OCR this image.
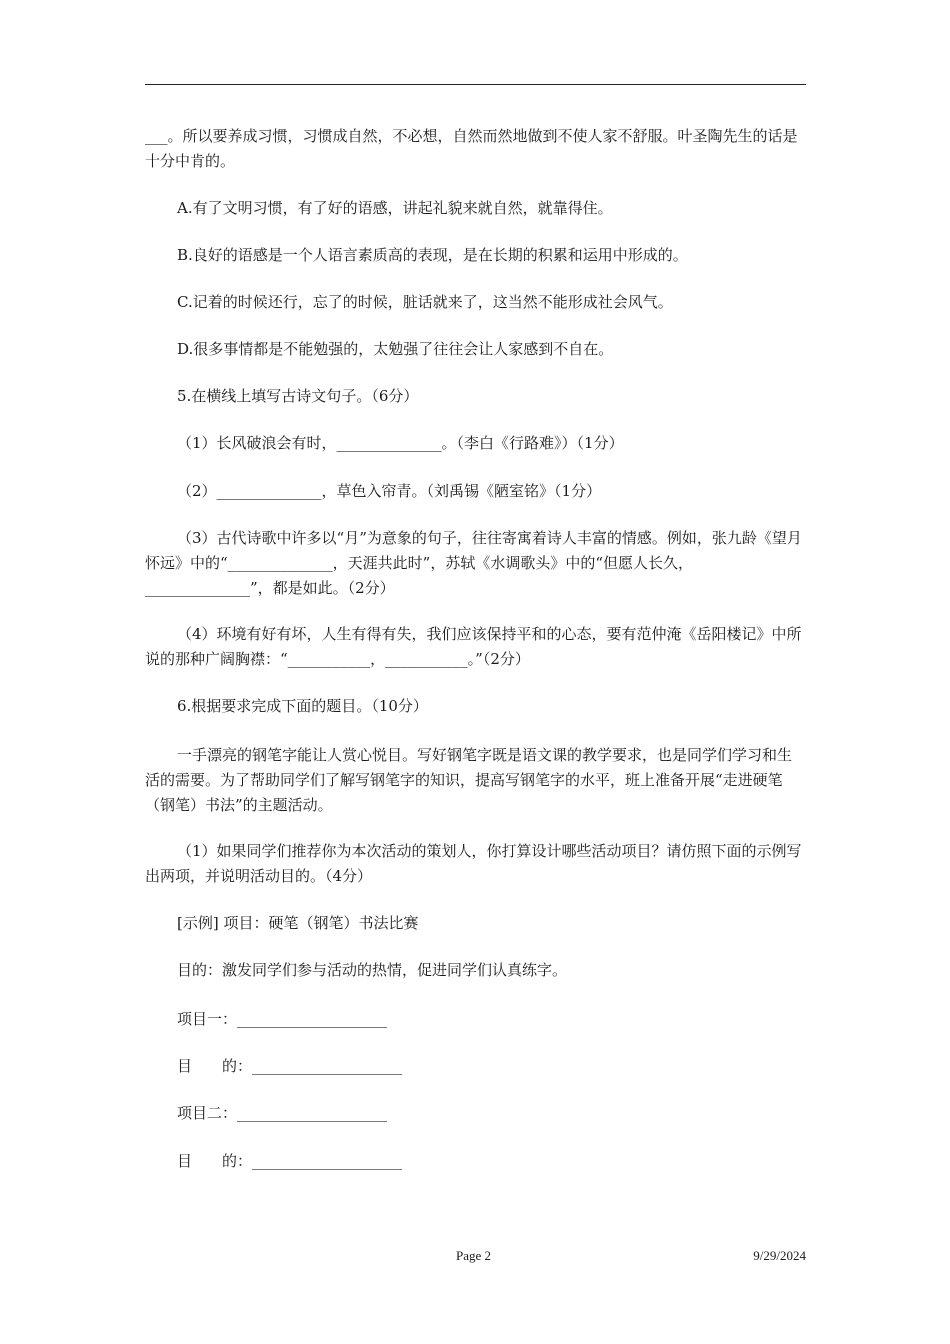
___。所以要养成习惯，习惯成自然，不必想，自然而然地做到不使人家不舒服。叶圣陶先生的话是十分中肯的。

A.有了文明习惯，有了好的语感，讲起礼貌来就自然，就靠得住。

B.良好的语感是一个人语言素质高的表现，是在长期的积累和运用中形成的。

C.记着的时候还行，忘了的时候，脏话就来了，这当然不能形成社会风气。

D.很多事情都是不能勉强的，太勉强了往往会让人家感到不自在。

5.在横线上填写古诗文句子。（6分）

（1）长风破浪会有时，______________。（李白《行路难》）（1分）

（2）______________，草色入帘青。（刘禹锡《陋室铭》（1分）

（3）古代诗歌中许多以“月”为意象的句子，往往寄寓着诗人丰富的情感。例如，张九龄《望月怀远》中的“______________，天涯共此时”，苏轼《水调歌头》中的“但愿人长久，______________”，都是如此。（2分）

（4）环境有好有坏，人生有得有失，我们应该保持平和的心态，要有范仲淹《岳阳楼记》中所说的那种广阔胸襟：“___________，___________。”（2分）

6.根据要求完成下面的题目。（10分）

一手漂亮的钢笔字能让人赏心悦目。写好钢笔字既是语文课的教学要求，也是同学们学习和生活的需要。为了帮助同学们了解写钢笔字的知识，提高写钢笔字的水平，班上准备开展“走进硬笔（钢笔）书法”的主题活动。

（1）如果同学们推荐你为本次活动的策划人，你打算设计哪些活动项目？请仿照下面的示例写出两项，并说明活动目的。（4分）

[示例] 项目：硬笔（钢笔）书法比赛

目的：激发同学们参与活动的热情，促进同学们认真练字。

项目一：____________________

目　　的：____________________

项目二：____________________

目　　的：____________________

Page 2	9/29/2024
